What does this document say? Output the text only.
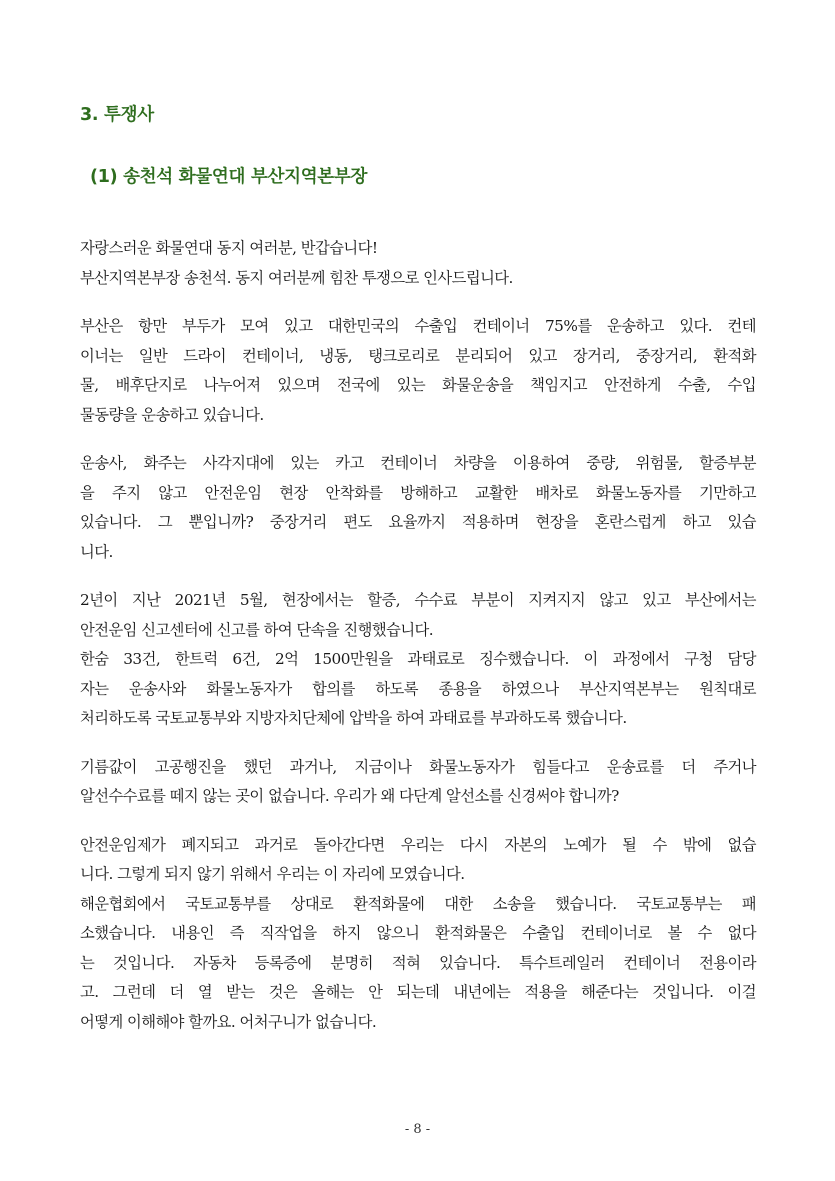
3. 투쟁사
(1) 송천석 화물연대 부산지역본부장
자랑스러운 화물연대 동지 여러분, 반갑습니다!
부산지역본부장 송천석. 동지 여러분께 힘찬 투쟁으로 인사드립니다.
부산은 항만 부두가 모여 있고 대한민국의 수출입 컨테이너 75%를 운송하고 있다. 컨테
이너는 일반 드라이 컨테이너, 냉동, 탱크로리로 분리되어 있고 장거리, 중장거리, 환적화
물, 배후단지로 나누어져 있으며 전국에 있는 화물운송을 책임지고 안전하게 수출, 수입
물동량을 운송하고 있습니다.
운송사, 화주는 사각지대에 있는 카고 컨테이너 차량을 이용하여 중량, 위험물, 할증부분
을 주지 않고 안전운임 현장 안착화를 방해하고 교활한 배차로 화물노동자를 기만하고
있습니다. 그 뿐입니까? 중장거리 편도 요율까지 적용하며 현장을 혼란스럽게 하고 있습
니다.
2년이 지난 2021년 5월, 현장에서는 할증, 수수료 부분이 지켜지지 않고 있고 부산에서는
안전운임 신고센터에 신고를 하여 단속을 진행했습니다.
한숨 33건, 한트럭 6건, 2억 1500만원을 과태료로 징수했습니다. 이 과정에서 구청 담당
자는 운송사와 화물노동자가 합의를 하도록 종용을 하였으나 부산지역본부는 원칙대로
처리하도록 국토교통부와 지방자치단체에 압박을 하여 과태료를 부과하도록 했습니다.
기름값이 고공행진을 했던 과거나, 지금이나 화물노동자가 힘들다고 운송료를 더 주거나
알선수수료를 떼지 않는 곳이 없습니다. 우리가 왜 다단계 알선소를 신경써야 합니까?
안전운임제가 폐지되고 과거로 돌아간다면 우리는 다시 자본의 노예가 될 수 밖에 없습
니다. 그렇게 되지 않기 위해서 우리는 이 자리에 모였습니다.
해운협회에서 국토교통부를 상대로 환적화물에 대한 소송을 했습니다. 국토교통부는 패
소했습니다. 내용인 즉 직작업을 하지 않으니 환적화물은 수출입 컨테이너로 볼 수 없다
는 것입니다. 자동차 등록증에 분명히 적혀 있습니다. 특수트레일러 컨테이너 전용이라
고. 그런데 더 열 받는 것은 올해는 안 되는데 내년에는 적용을 해준다는 것입니다. 이걸
어떻게 이해해야 할까요. 어처구니가 없습니다.
- 8 -
